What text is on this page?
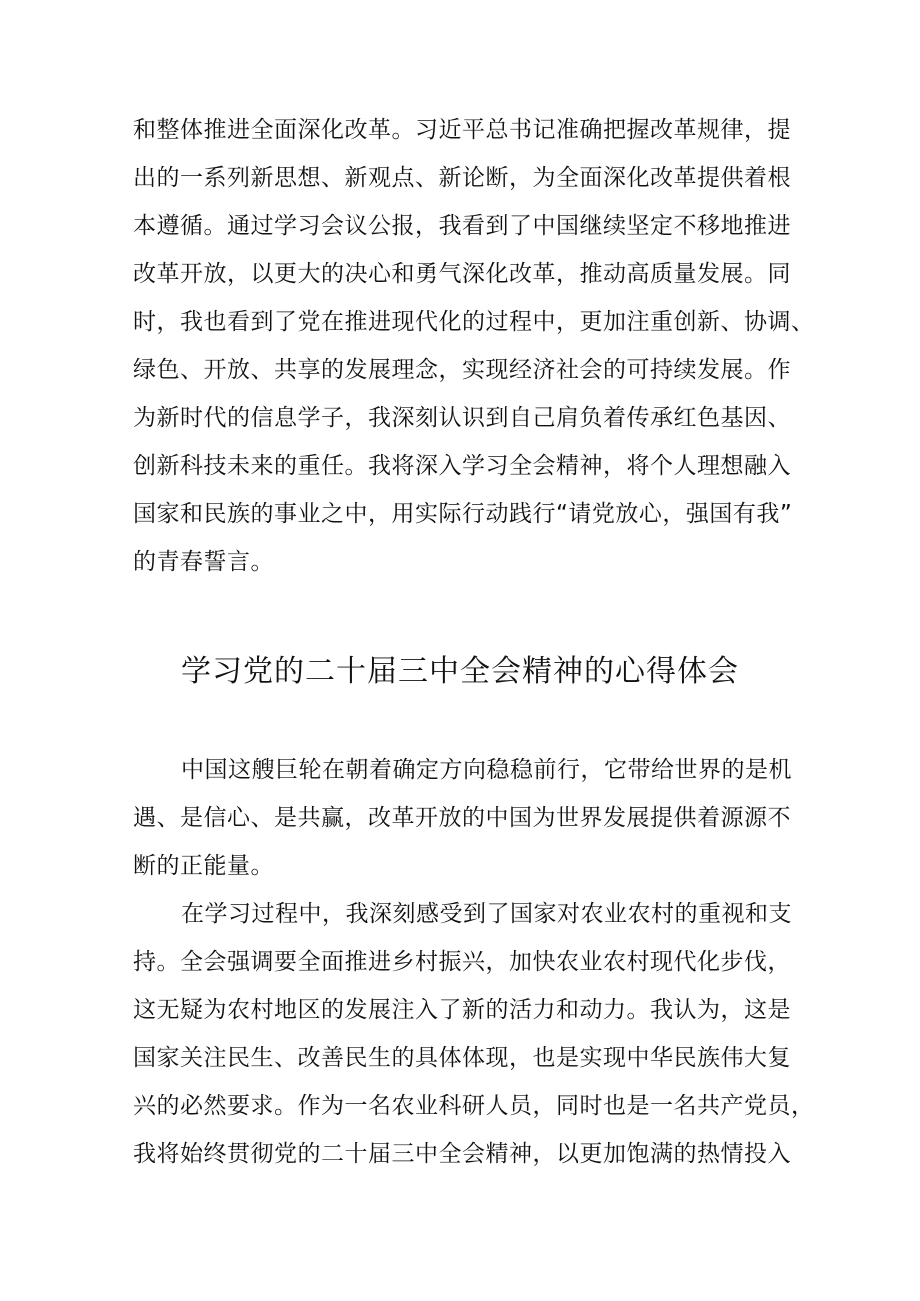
和整体推进全面深化改革。习近平总书记准确把握改革规律，提
出的一系列新思想、新观点、新论断，为全面深化改革提供着根
本遵循。通过学习会议公报，我看到了中国继续坚定不移地推进
改革开放，以更大的决心和勇气深化改革，推动高质量发展。同
时，我也看到了党在推进现代化的过程中，更加注重创新、协调、
绿色、开放、共享的发展理念，实现经济社会的可持续发展。作
为新时代的信息学子，我深刻认识到自己肩负着传承红色基因、
创新科技未来的重任。我将深入学习全会精神，将个人理想融入
国家和民族的事业之中，用实际行动践行“请党放心，强国有我”
的青春誓言。
学习党的二十届三中全会精神的心得体会
中国这艘巨轮在朝着确定方向稳稳前行，它带给世界的是机
遇、是信心、是共赢，改革开放的中国为世界发展提供着源源不
断的正能量。
在学习过程中，我深刻感受到了国家对农业农村的重视和支
持。全会强调要全面推进乡村振兴，加快农业农村现代化步伐，
这无疑为农村地区的发展注入了新的活力和动力。我认为，这是
国家关注民生、改善民生的具体体现，也是实现中华民族伟大复
兴的必然要求。作为一名农业科研人员，同时也是一名共产党员，
我将始终贯彻党的二十届三中全会精神，以更加饱满的热情投入
